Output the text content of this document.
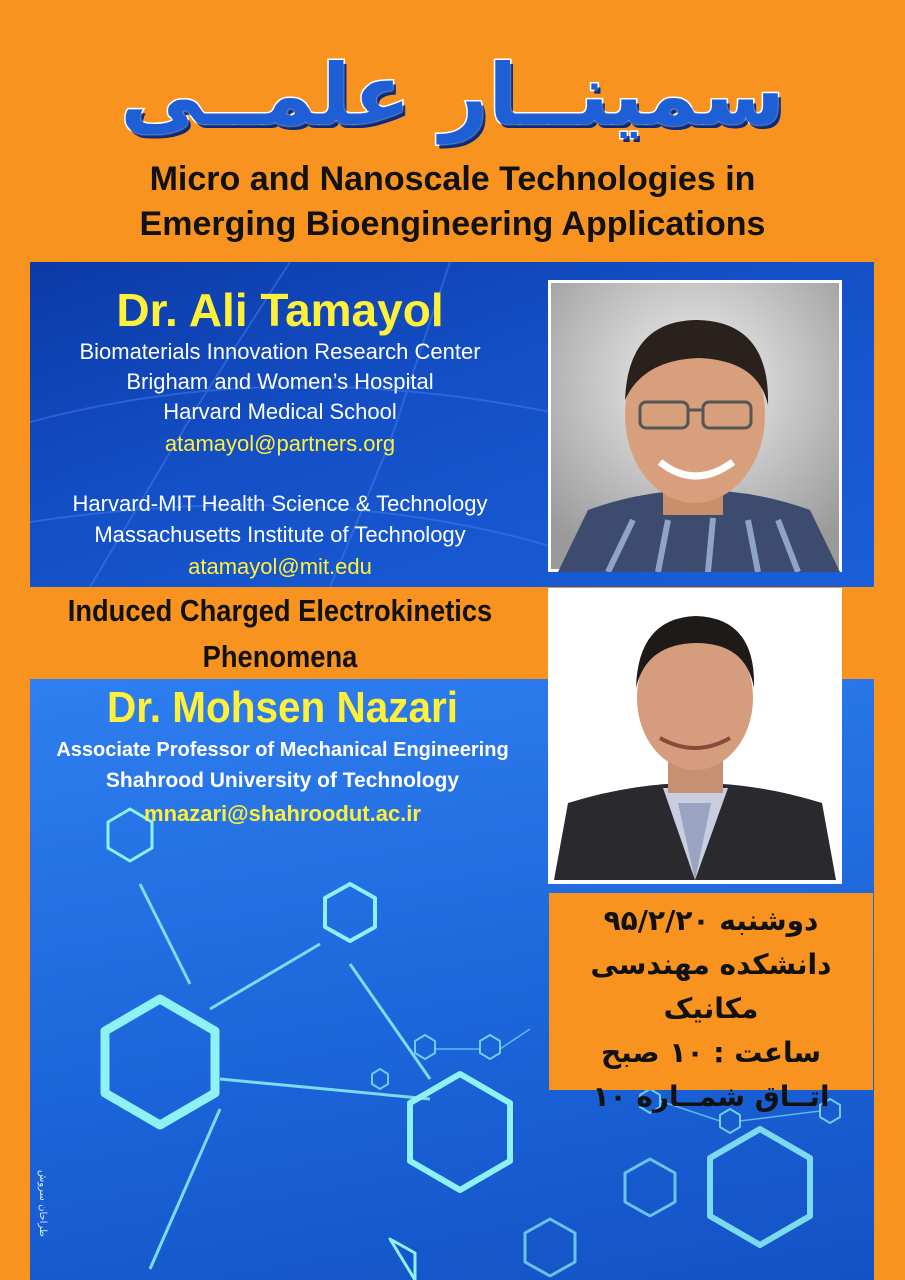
سمینــار علمــی
Micro and Nanoscale Technologies in
Emerging Bioengineering Applications
Dr. Ali Tamayol
Biomaterials Innovation Research Center
Brigham and Women’s Hospital
Harvard Medical School
atamayol@partners.org
Harvard-MIT Health Science & Technology
Massachusetts Institute of Technology
atamayol@mit.edu
Induced Charged Electrokinetics
Phenomena
Dr. Mohsen Nazari
Associate Professor of Mechanical Engineering
Shahrood University of Technology
mnazari@shahroodut.ac.ir
دوشنبه ۹۵/۲/۲۰
دانشکده مهندسی مکانیک
ساعت : ۱۰ صبح
اتــاق شمــاره ۱۰
طراحان سروش
